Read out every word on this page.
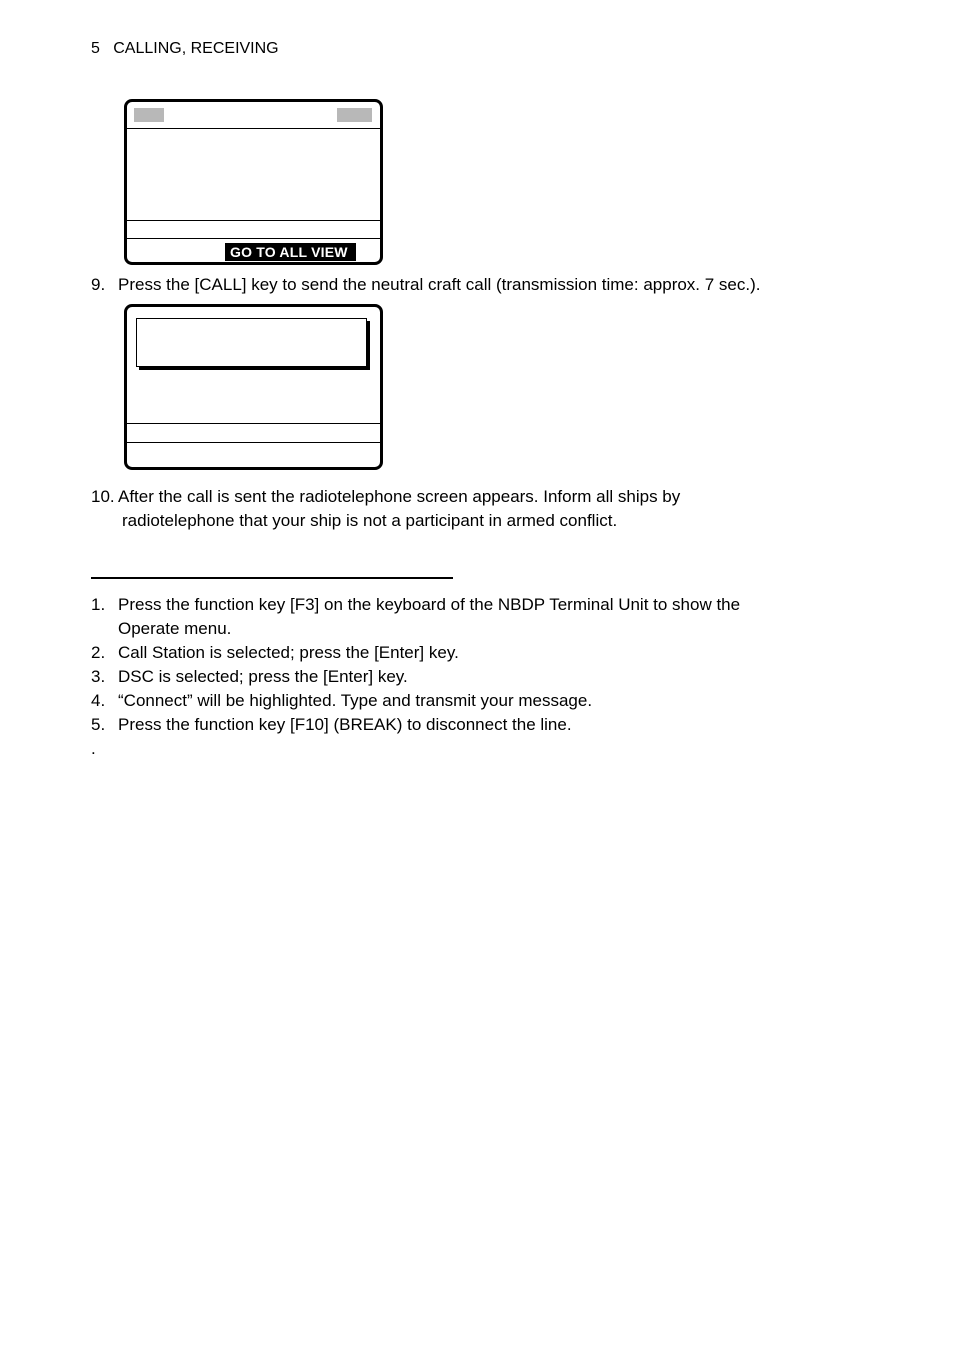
5 CALLING, RECEIVING
GO TO ALL VIEW
9. Press the [CALL] key to send the neutral craft call (transmission time: approx. 7 sec.).
10. After the call is sent the radiotelephone screen appears. Inform all ships by
radiotelephone that your ship is not a participant in armed conflict.
1. Press the function key [F3] on the keyboard of the NBDP Terminal Unit to show the
Operate menu.
2. Call Station is selected; press the [Enter] key.
3. DSC is selected; press the [Enter] key.
4. “Connect” will be highlighted. Type and transmit your message.
5. Press the function key [F10] (BREAK) to disconnect the line.
.
